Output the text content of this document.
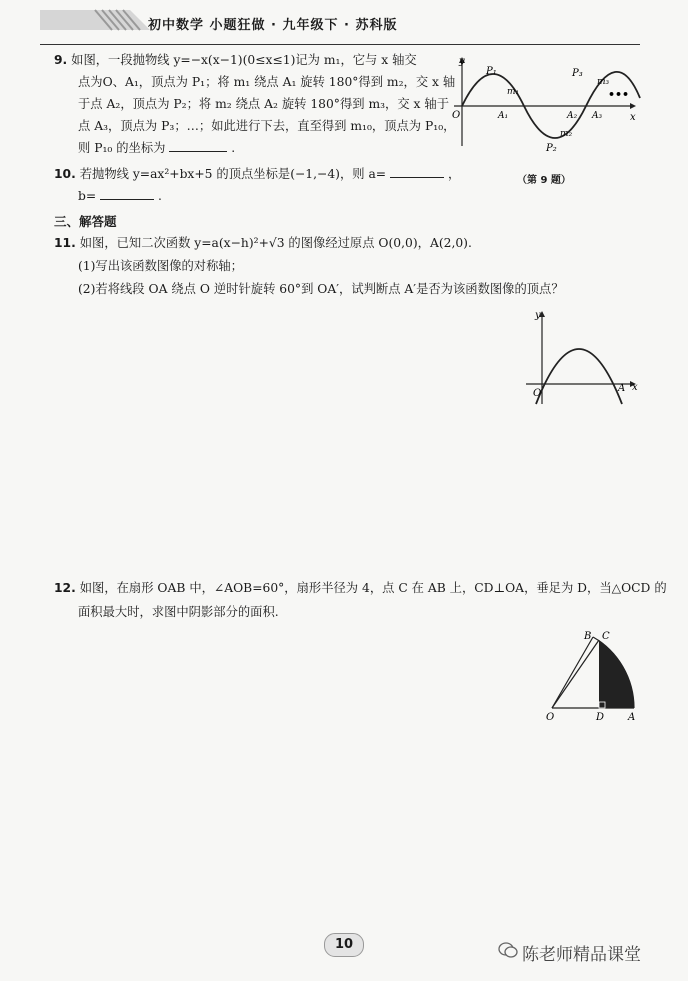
初中数学 小题狂做 · 九年级下 · 苏科版
9. 如图，一段抛物线 y=−x(x−1)(0≤x≤1)记为 m₁，它与 x 轴交
点为O、A₁，顶点为 P₁；将 m₁ 绕点 A₁ 旋转 180°得到 m₂，交 x 轴
于点 A₂，顶点为 P₂；将 m₂ 绕点 A₂ 旋转 180°得到 m₃，交 x 轴于
点 A₃，顶点为 P₃；…；如此进行下去，直至得到 m₁₀，顶点为 P₁₀，
则 P₁₀ 的坐标为	.
y
x
O
P₁
P₂
P₃
m₁
m₂
m₃
A₁	A₂ A₃
•••
（第 9 题）
10. 若抛物线 y=ax²+bx+5 的顶点坐标是(−1,−4)，则 a=	，
b=	.
三、解答题
11. 如图，已知二次函数 y=a(x−h)²+√3 的图像经过原点 O(0,0)，A(2,0).
(1)写出该函数图像的对称轴；
(2)若将线段 OA 绕点 O 逆时针旋转 60°到 OA′，试判断点 A′是否为该函数图像的顶点？
y
x
O	A
12. 如图，在扇形 OAB 中，∠AOB=60°，扇形半径为 4，点 C 在 AB 上，CD⊥OA，垂足为 D，当△OCD 的
面积最大时，求图中阴影部分的面积.
O	D A
B C
10
陈老师精品课堂
